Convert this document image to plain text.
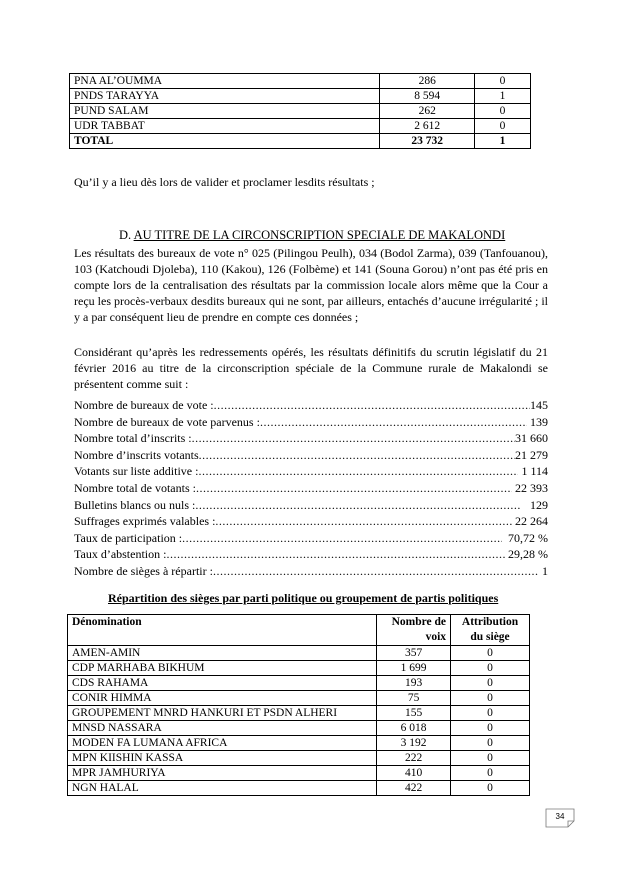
PNA AL’OUMMA	286	0
PNDS TARAYYA	8 594	1
PUND SALAM	262	0
UDR TABBAT	2 612	0
TOTAL	23 732	1

Qu’il y a lieu dès lors de valider et proclamer lesdits résultats ;

D. AU TITRE DE LA CIRCONSCRIPTION SPECIALE DE MAKALONDI

Les résultats des bureaux de vote n° 025 (Pilingou Peulh), 034 (Bodol Zarma), 039 (Tanfouanou), 103 (Katchoudi Djoleba), 110 (Kakou), 126 (Folbème) et 141 (Souna Gorou) n’ont pas été pris en compte lors de la centralisation des résultats par la commission locale alors même que la Cour a reçu les procès-verbaux desdits bureaux qui ne sont, par ailleurs, entachés d’aucune irrégularité ; il y a par conséquent lieu de prendre en compte ces données ;

Considérant qu’après les redressements opérés, les résultats définitifs du scrutin législatif du 21 février 2016 au titre de la circonscription spéciale de la Commune rurale de Makalondi se présentent comme suit :

Nombre de bureaux de vote : .....	145
Nombre de bureaux de vote parvenus : .....	139
Nombre total d’inscrits : .....	31 660
Nombre d’inscrits votants .....	21 279
Votants sur liste additive : .....	1 114
Nombre total de votants : .....	22 393
Bulletins blancs ou nuls : .....	129
Suffrages exprimés valables : .....	22 264
Taux de participation : .....	70,72 %
Taux d’abstention : .....	29,28 %
Nombre de sièges à répartir : .....	1
Répartition des sièges par parti politique ou groupement de partis politiques
Dénomination	Nombre de voix	Attribution du siège
AMEN-AMIN	357	0
CDP MARHABA BIKHUM	1 699	0
CDS RAHAMA	193	0
CONIR HIMMA	75	0
GROUPEMENT MNRD HANKURI ET PSDN ALHERI	155	0
MNSD NASSARA	6 018	0
MODEN FA LUMANA AFRICA	3 192	0
MPN KIISHIN KASSA	222	0
MPR JAMHURIYA	410	0
NGN HALAL	422	0
34
